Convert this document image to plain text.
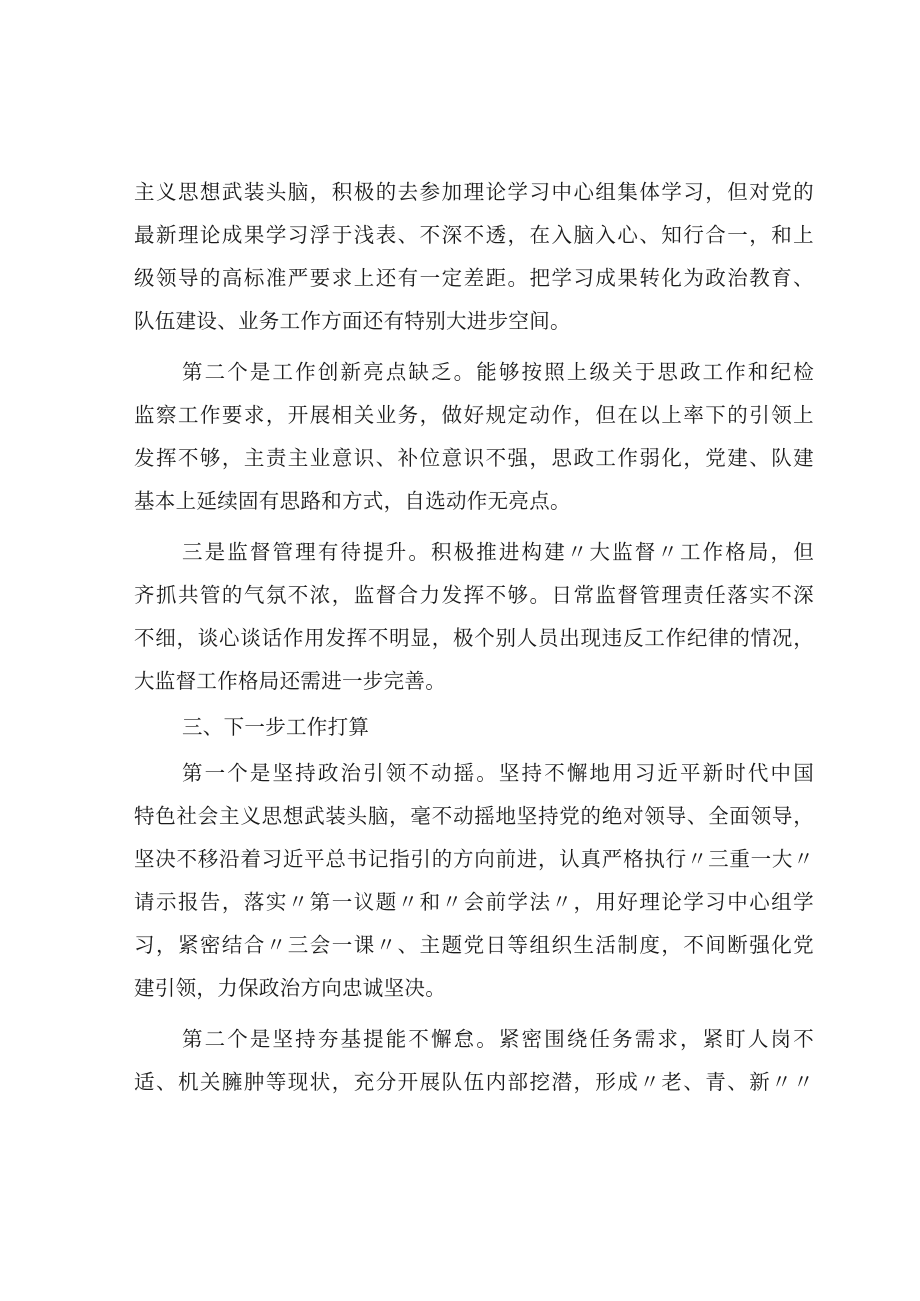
主义思想武装头脑，积极的去参加理论学习中心组集体学习，但对党的
最新理论成果学习浮于浅表、不深不透，在入脑入心、知行合一，和上
级领导的高标准严要求上还有一定差距。把学习成果转化为政治教育、
队伍建设、业务工作方面还有特别大进步空间。
第二个是工作创新亮点缺乏。能够按照上级关于思政工作和纪检
监察工作要求，开展相关业务，做好规定动作，但在以上率下的引领上
发挥不够，主责主业意识、补位意识不强，思政工作弱化，党建、队建
基本上延续固有思路和方式，自选动作无亮点。
三是监督管理有待提升。积极推进构建〃大监督〃工作格局，但
齐抓共管的气氛不浓，监督合力发挥不够。日常监督管理责任落实不深
不细，谈心谈话作用发挥不明显，极个别人员出现违反工作纪律的情况，
大监督工作格局还需进一步完善。
三、下一步工作打算
第一个是坚持政治引领不动摇。坚持不懈地用习近平新时代中国
特色社会主义思想武装头脑，毫不动摇地坚持党的绝对领导、全面领导，
坚决不移沿着习近平总书记指引的方向前进，认真严格执行〃三重一大〃
请示报告，落实〃第一议题〃和〃会前学法〃，用好理论学习中心组学
习，紧密结合〃三会一课〃、主题党日等组织生活制度，不间断强化党
建引领，力保政治方向忠诚坚决。
第二个是坚持夯基提能不懈怠。紧密围绕任务需求，紧盯人岗不
适、机关臃肿等现状，充分开展队伍内部挖潜，形成〃老、青、新〃〃
